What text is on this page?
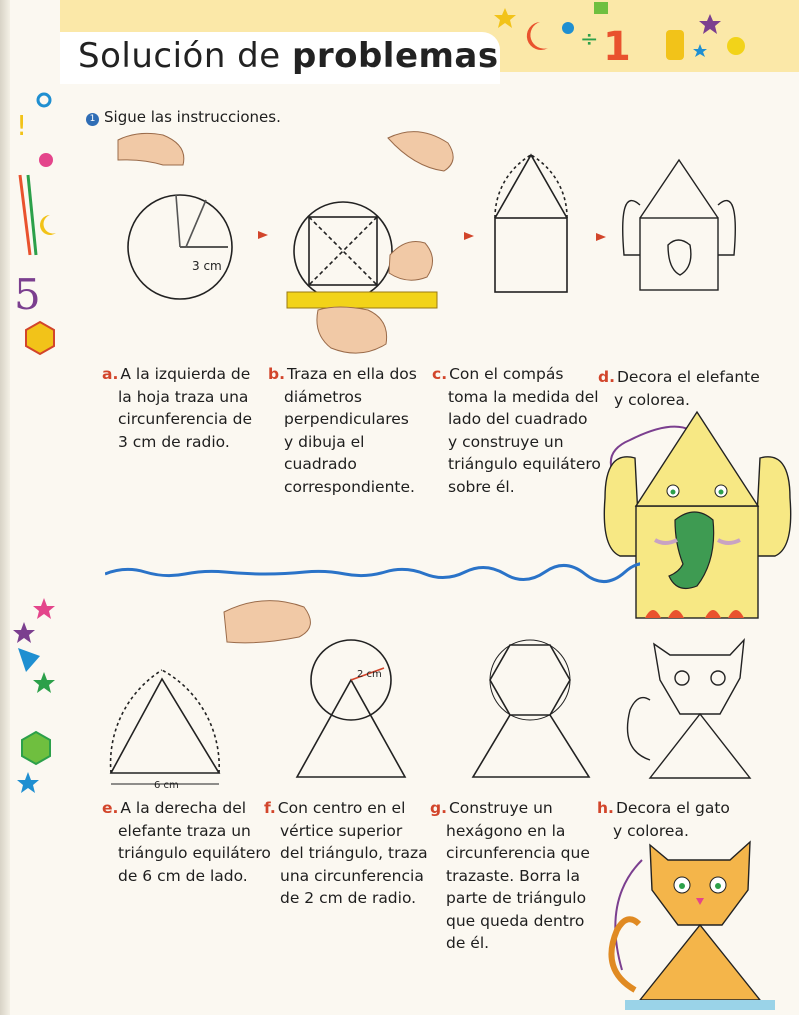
Solución de problemas
5
1 Sigue las instrucciones.
÷ 1
!
3 cm
6 cm
2 cm
a. A la izquierda de
la hoja traza una
circunferencia de
3 cm de radio.
b. Traza en ella dos
diámetros
perpendiculares
y dibuja el
cuadrado
correspondiente.
c. Con el compás
toma la medida del
lado del cuadrado
y construye un
triángulo equilátero
sobre él.
d. Decora el elefante
y colorea.
e. A la derecha del
elefante traza un
triángulo equilátero
de 6 cm de lado.
f. Con centro en el
vértice superior
del triángulo, traza
una circunferencia
de 2 cm de radio.
g. Construye un
hexágono en la
circunferencia que
trazaste. Borra la
parte de triángulo
que queda dentro
de él.
h. Decora el gato
y colorea.
